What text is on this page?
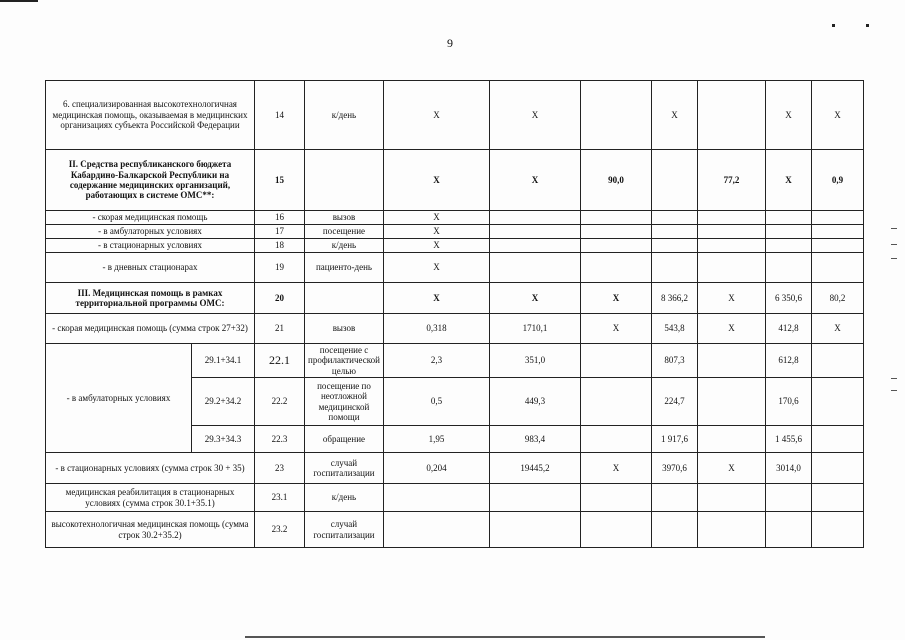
9
6. специализированная высокотехнологичная медицинская помощь, оказываемая в медицинских организациях субъекта Российской Федерации		14	к/день	X	X		X		X	X
II. Средства республиканского бюджета Кабардино-Балкарской Республики на содержание медицинских организаций, работающих в системе ОМС**:		15		X	X	90,0		77,2	X	0,9
- скорая медицинская помощь		16	вызов	X						
- в амбулаторных условиях		17	посещение	X						
- в стационарных условиях		18	к/день	X						
- в дневных стационарах		19	пациенто-день	X						
III. Медицинская помощь в рамках территориальной программы ОМС:		20		X	X	X	8 366,2	X	6 350,6	80,2
- скорая медицинская помощь (сумма строк 27+32)		21	вызов	0,318	1710,1	X	543,8	X	412,8	X
- в амбулаторных условиях	29.1+34.1	22.1	посещение с профилактической целью	2,3	351,0		807,3		612,8	
	29.2+34.2	22.2	посещение по неотложной медицинской помощи	0,5	449,3		224,7		170,6	
	29.3+34.3	22.3	обращение	1,95	983,4		1 917,6		1 455,6	
- в стационарных условиях (сумма строк 30 + 35)		23	случай госпитализации	0,204	19445,2	X	3970,6	X	3014,0	
медицинская реабилитация в стационарных условиях (сумма строк 30.1+35.1)		23.1	к/день							
высокотехнологичная медицинская помощь (сумма строк 30.2+35.2)		23.2	случай госпитализации							
